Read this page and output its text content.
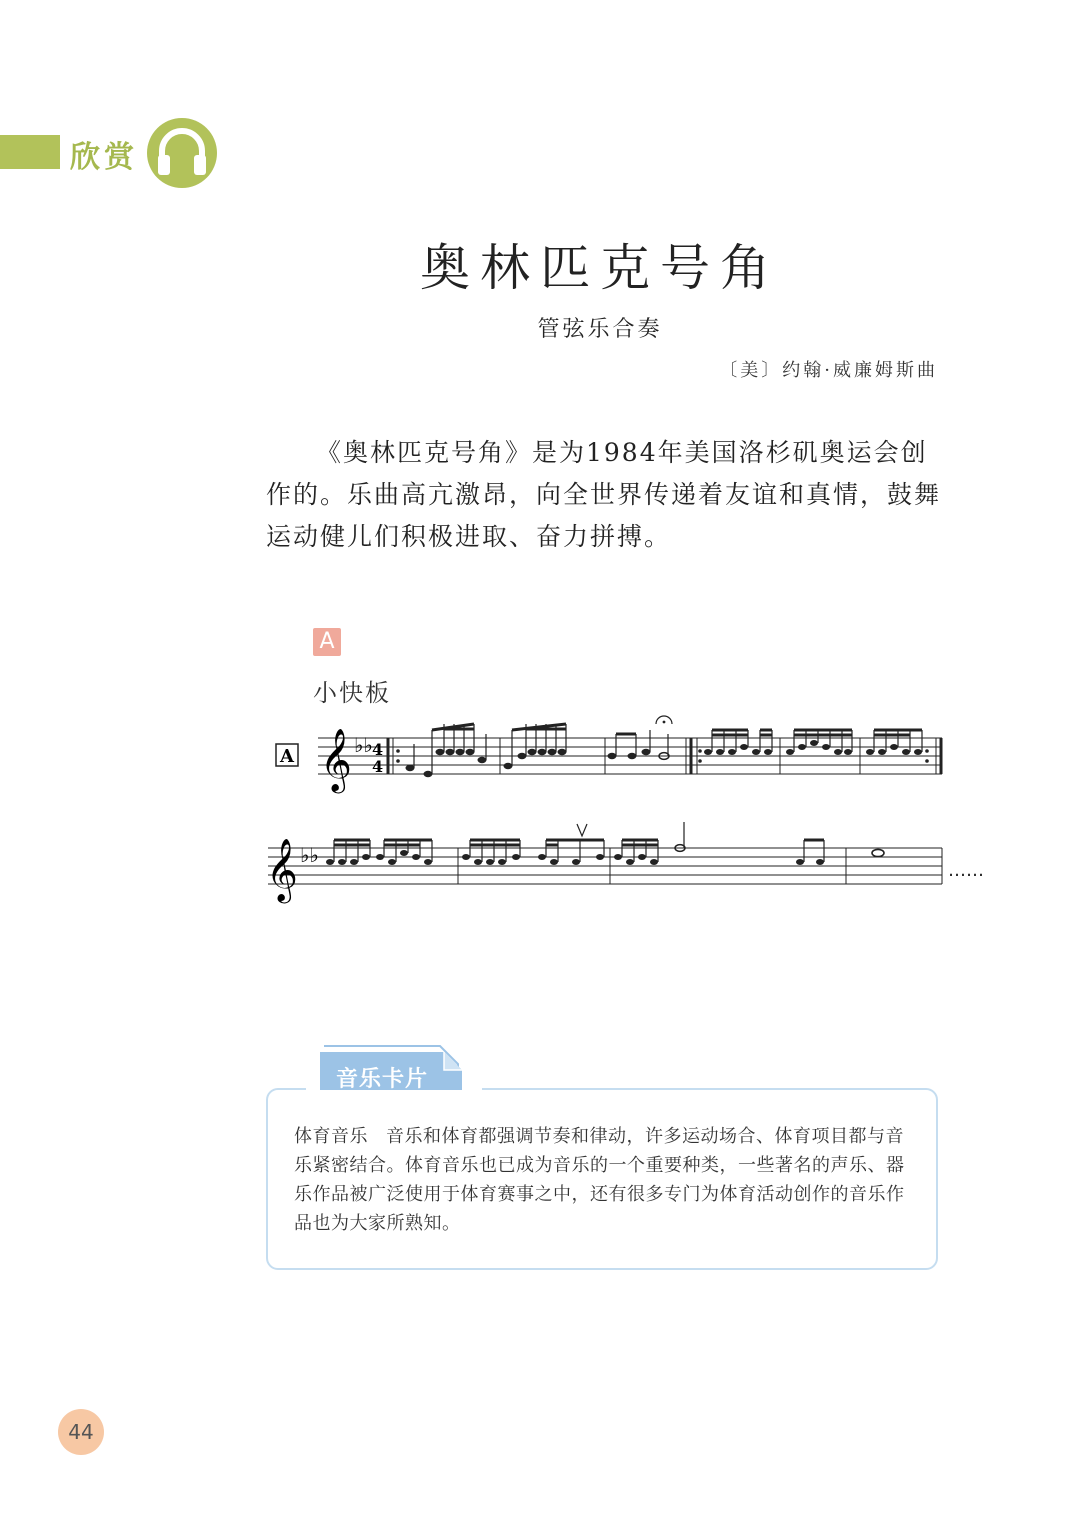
欣赏
奥林匹克号角
管弦乐合奏
〔美〕约翰·威廉姆斯曲

《奥林匹克号角》是为1984年美国洛杉矶奥运会创作的。乐曲高亢激昂，向全世界传递着友谊和真情，鼓舞运动健儿们积极进取、奋力拼搏。

A
小快板
A 𝄞 ♭♭ 4
4
𝄞 ♭♭
……
音乐卡片
体育音乐 音乐和体育都强调节奏和律动，许多运动场合、体育项目都与音乐紧密结合。体育音乐也已成为音乐的一个重要种类，一些著名的声乐、器乐作品被广泛使用于体育赛事之中，还有很多专门为体育活动创作的音乐作品也为大家所熟知。
44
